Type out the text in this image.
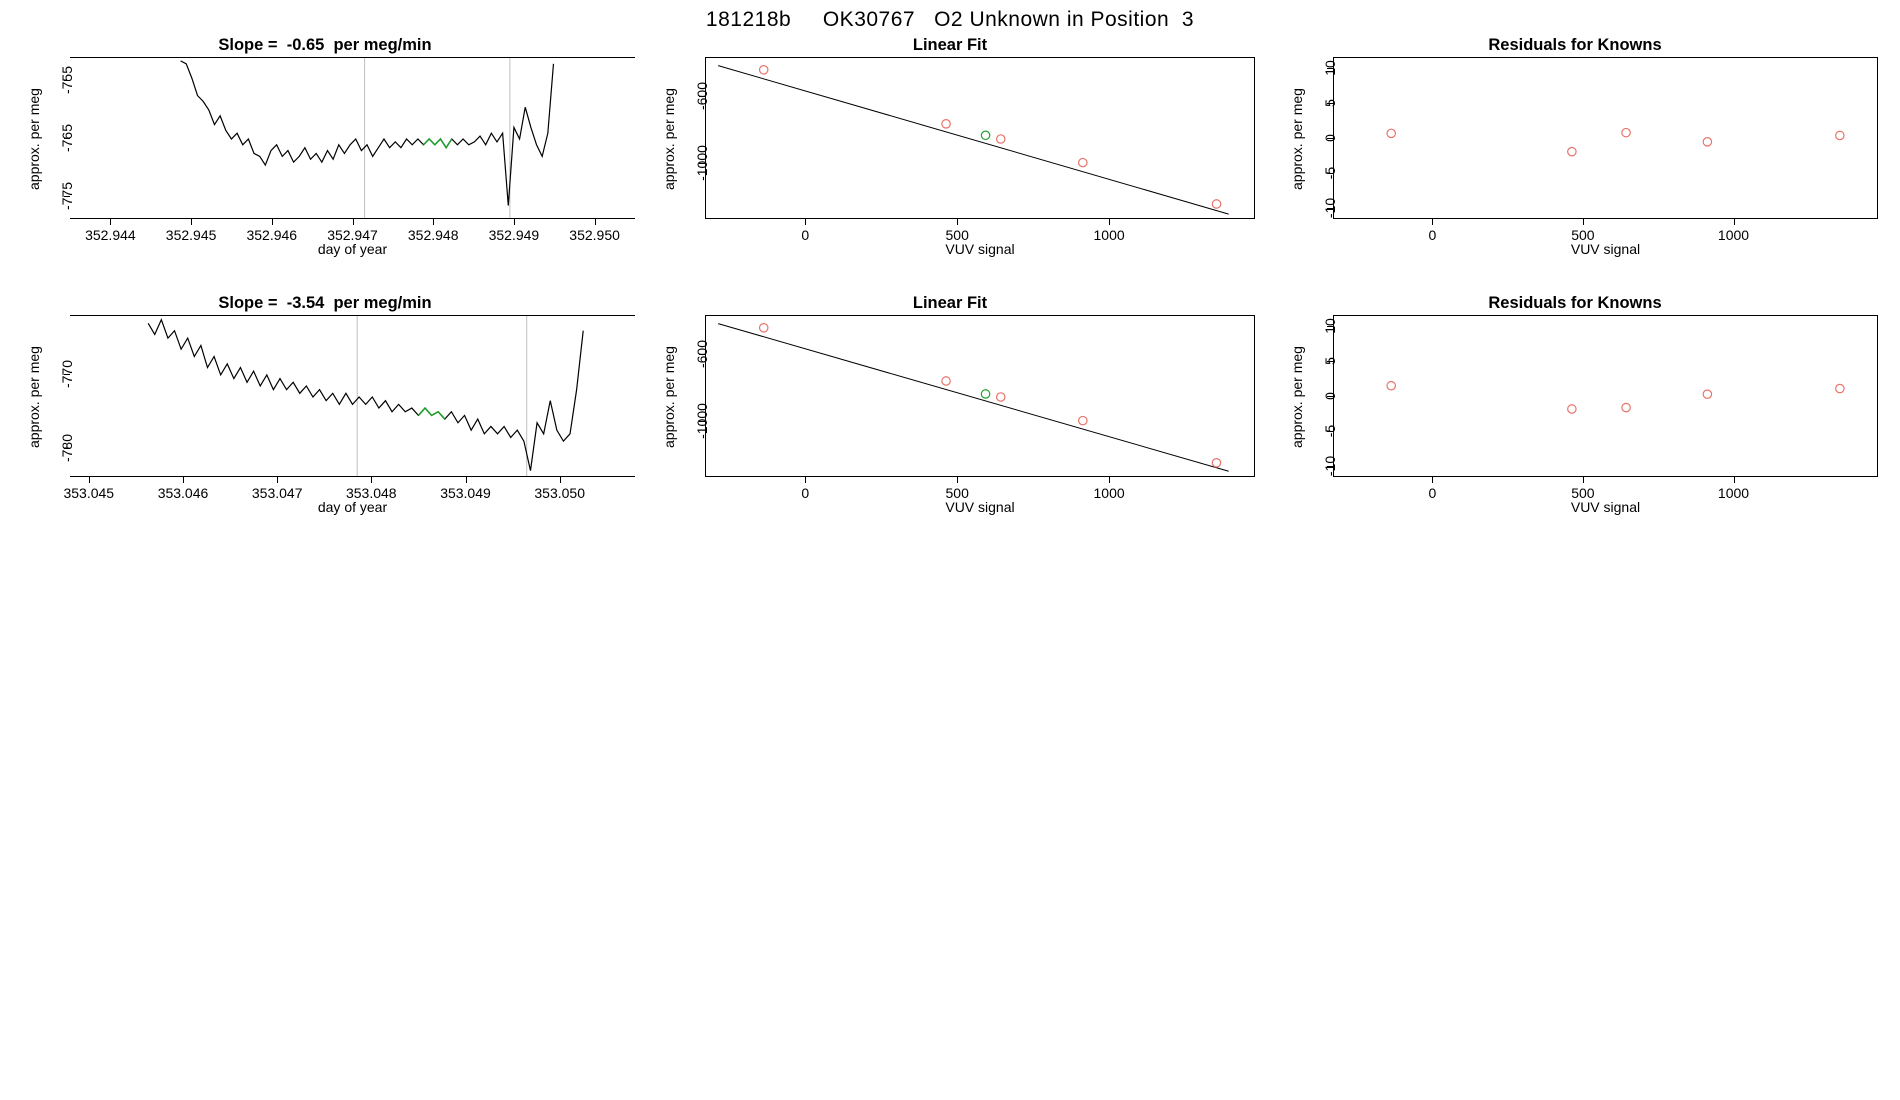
181218b     OK30767   O2 Unknown in Position  3
Slope =  -0.65  per meg/min
approx. per meg
day of year
352.944	352.945	352.946	352.947	352.948	352.949	352.950
-775
-765
-755
Linear Fit
approx. per meg
VUV signal
0	500	1000
-1000
-600
Residuals for Knowns
approx. per meg
VUV signal
0	500	1000
-10
-5
0
5
10
Slope =  -3.54  per meg/min
approx. per meg
day of year
353.045	353.046	353.047	353.048	353.049	353.050
-780
-770
Linear Fit
approx. per meg
VUV signal
0	500	1000
-1000
-600
Residuals for Knowns
approx. per meg
VUV signal
0	500	1000
-10
-5
0
5
10
